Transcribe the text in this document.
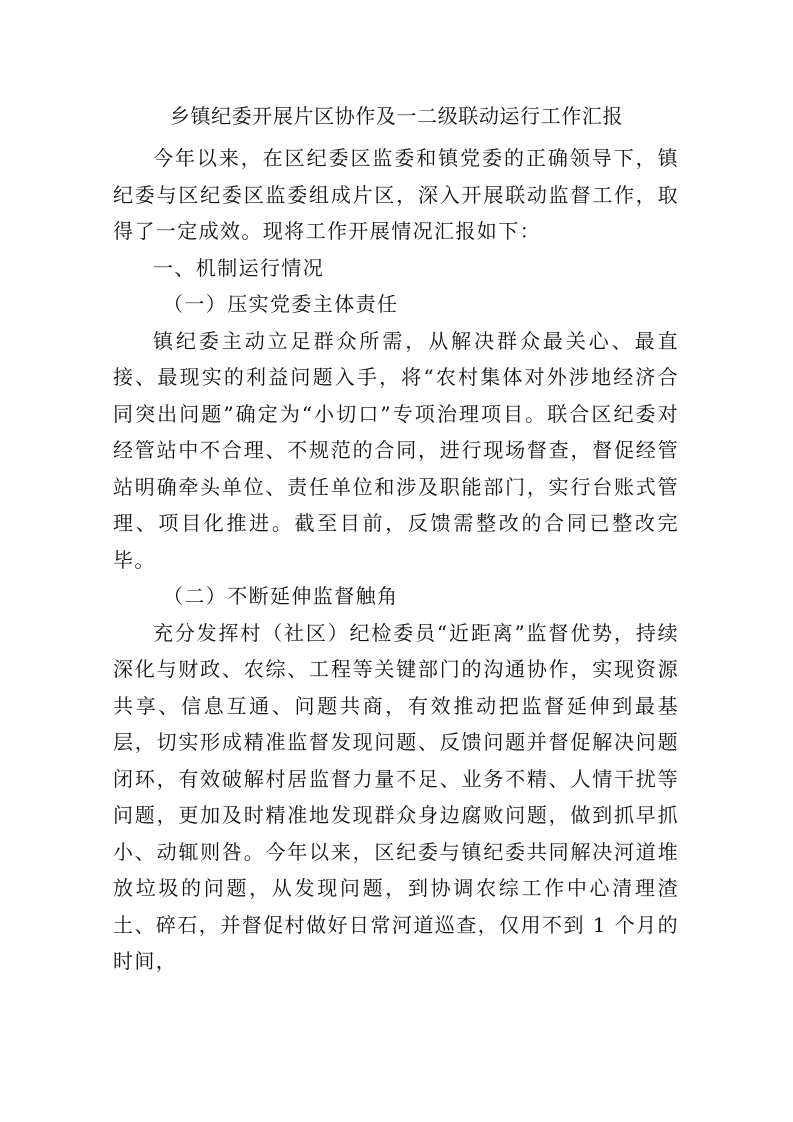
乡镇纪委开展片区协作及一二级联动运行工作汇报

今年以来，在区纪委区监委和镇党委的正确领导下，镇纪委与区纪委区监委组成片区，深入开展联动监督工作，取得了一定成效。现将工作开展情况汇报如下：

一、机制运行情况

（一）压实党委主体责任

镇纪委主动立足群众所需，从解决群众最关心、最直接、最现实的利益问题入手，将“农村集体对外涉地经济合同突出问题”确定为“小切口”专项治理项目。联合区纪委对经管站中不合理、不规范的合同，进行现场督查，督促经管站明确牵头单位、责任单位和涉及职能部门，实行台账式管理、项目化推进。截至目前，反馈需整改的合同已整改完毕。

（二）不断延伸监督触角

充分发挥村（社区）纪检委员“近距离”监督优势，持续深化与财政、农综、工程等关键部门的沟通协作，实现资源共享、信息互通、问题共商，有效推动把监督延伸到最基层，切实形成精准监督发现问题、反馈问题并督促解决问题闭环，有效破解村居监督力量不足、业务不精、人情干扰等问题，更加及时精准地发现群众身边腐败问题，做到抓早抓小、动辄则咎。今年以来，区纪委与镇纪委共同解决河道堆放垃圾的问题，从发现问题，到协调农综工作中心清理渣土、碎石，并督促村做好日常河道巡查，仅用不到 1 个月的时间，
